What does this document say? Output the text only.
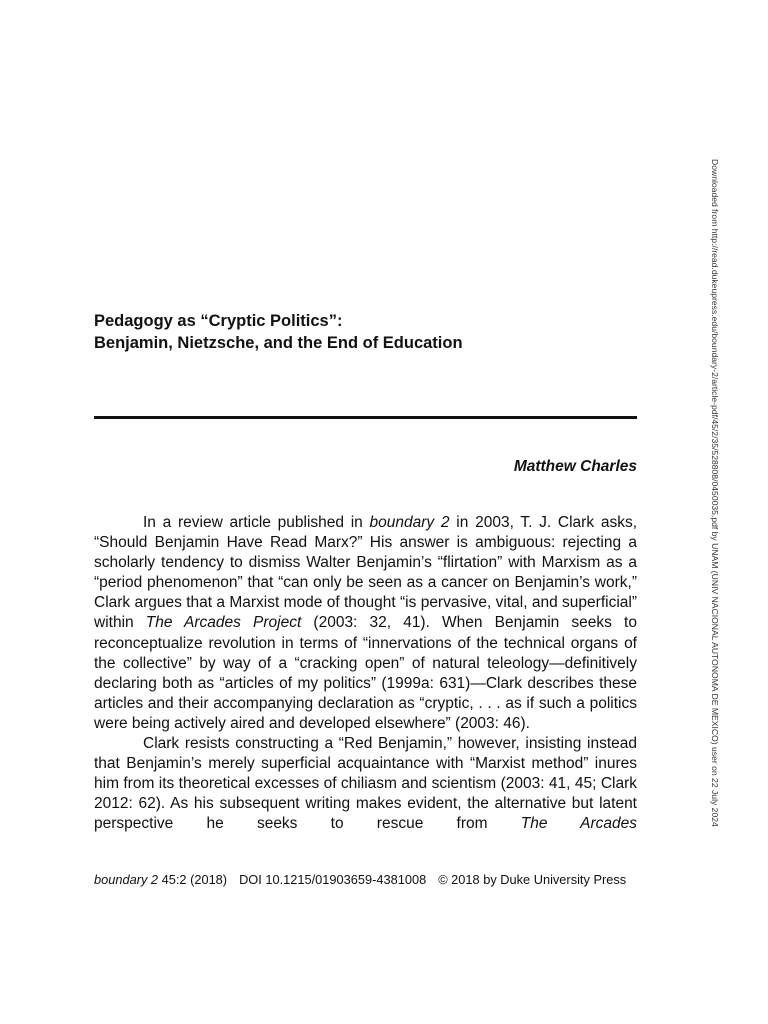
Pedagogy as “Cryptic Politics”:
Benjamin, Nietzsche, and the End of Education
Matthew Charles

In a review article published in boundary 2 in 2003, T. J. Clark asks, “Should Benjamin Have Read Marx?” His answer is ambiguous: rejecting a scholarly tendency to dismiss Walter Benjamin’s “flirtation” with Marxism as a “period phenomenon” that “can only be seen as a cancer on Benjamin’s work,” Clark argues that a Marxist mode of thought “is pervasive, vital, and superficial” within The Arcades Project (2003: 32, 41). When Benjamin seeks to reconceptualize revolution in terms of “innervations of the technical organs of the collective” by way of a “cracking open” of natural teleology—definitively declaring both as “articles of my politics” (1999a: 631)—Clark describes these articles and their accompanying declaration as “cryptic, . . . as if such a politics were being actively aired and developed elsewhere” (2003: 46).

Clark resists constructing a “Red Benjamin,” however, insisting instead that Benjamin’s merely superficial acquaintance with “Marxist method” inures him from its theoretical excesses of chiliasm and scientism (2003: 41, 45; Clark 2012: 62). As his subsequent writing makes evident, the alternative but latent perspective he seeks to rescue from The Arcades

boundary 2 45:2 (2018) DOI 10.1215/01903659-4381008 © 2018 by Duke University Press
Downloaded from http://read.dukeupress.edu/boundary-2/article-pdf/45/2/35/528808/0450035.pdf by UNAM (UNIV NACIONAL AUTONOMA DE MEXICO) user on 22 July 2024
